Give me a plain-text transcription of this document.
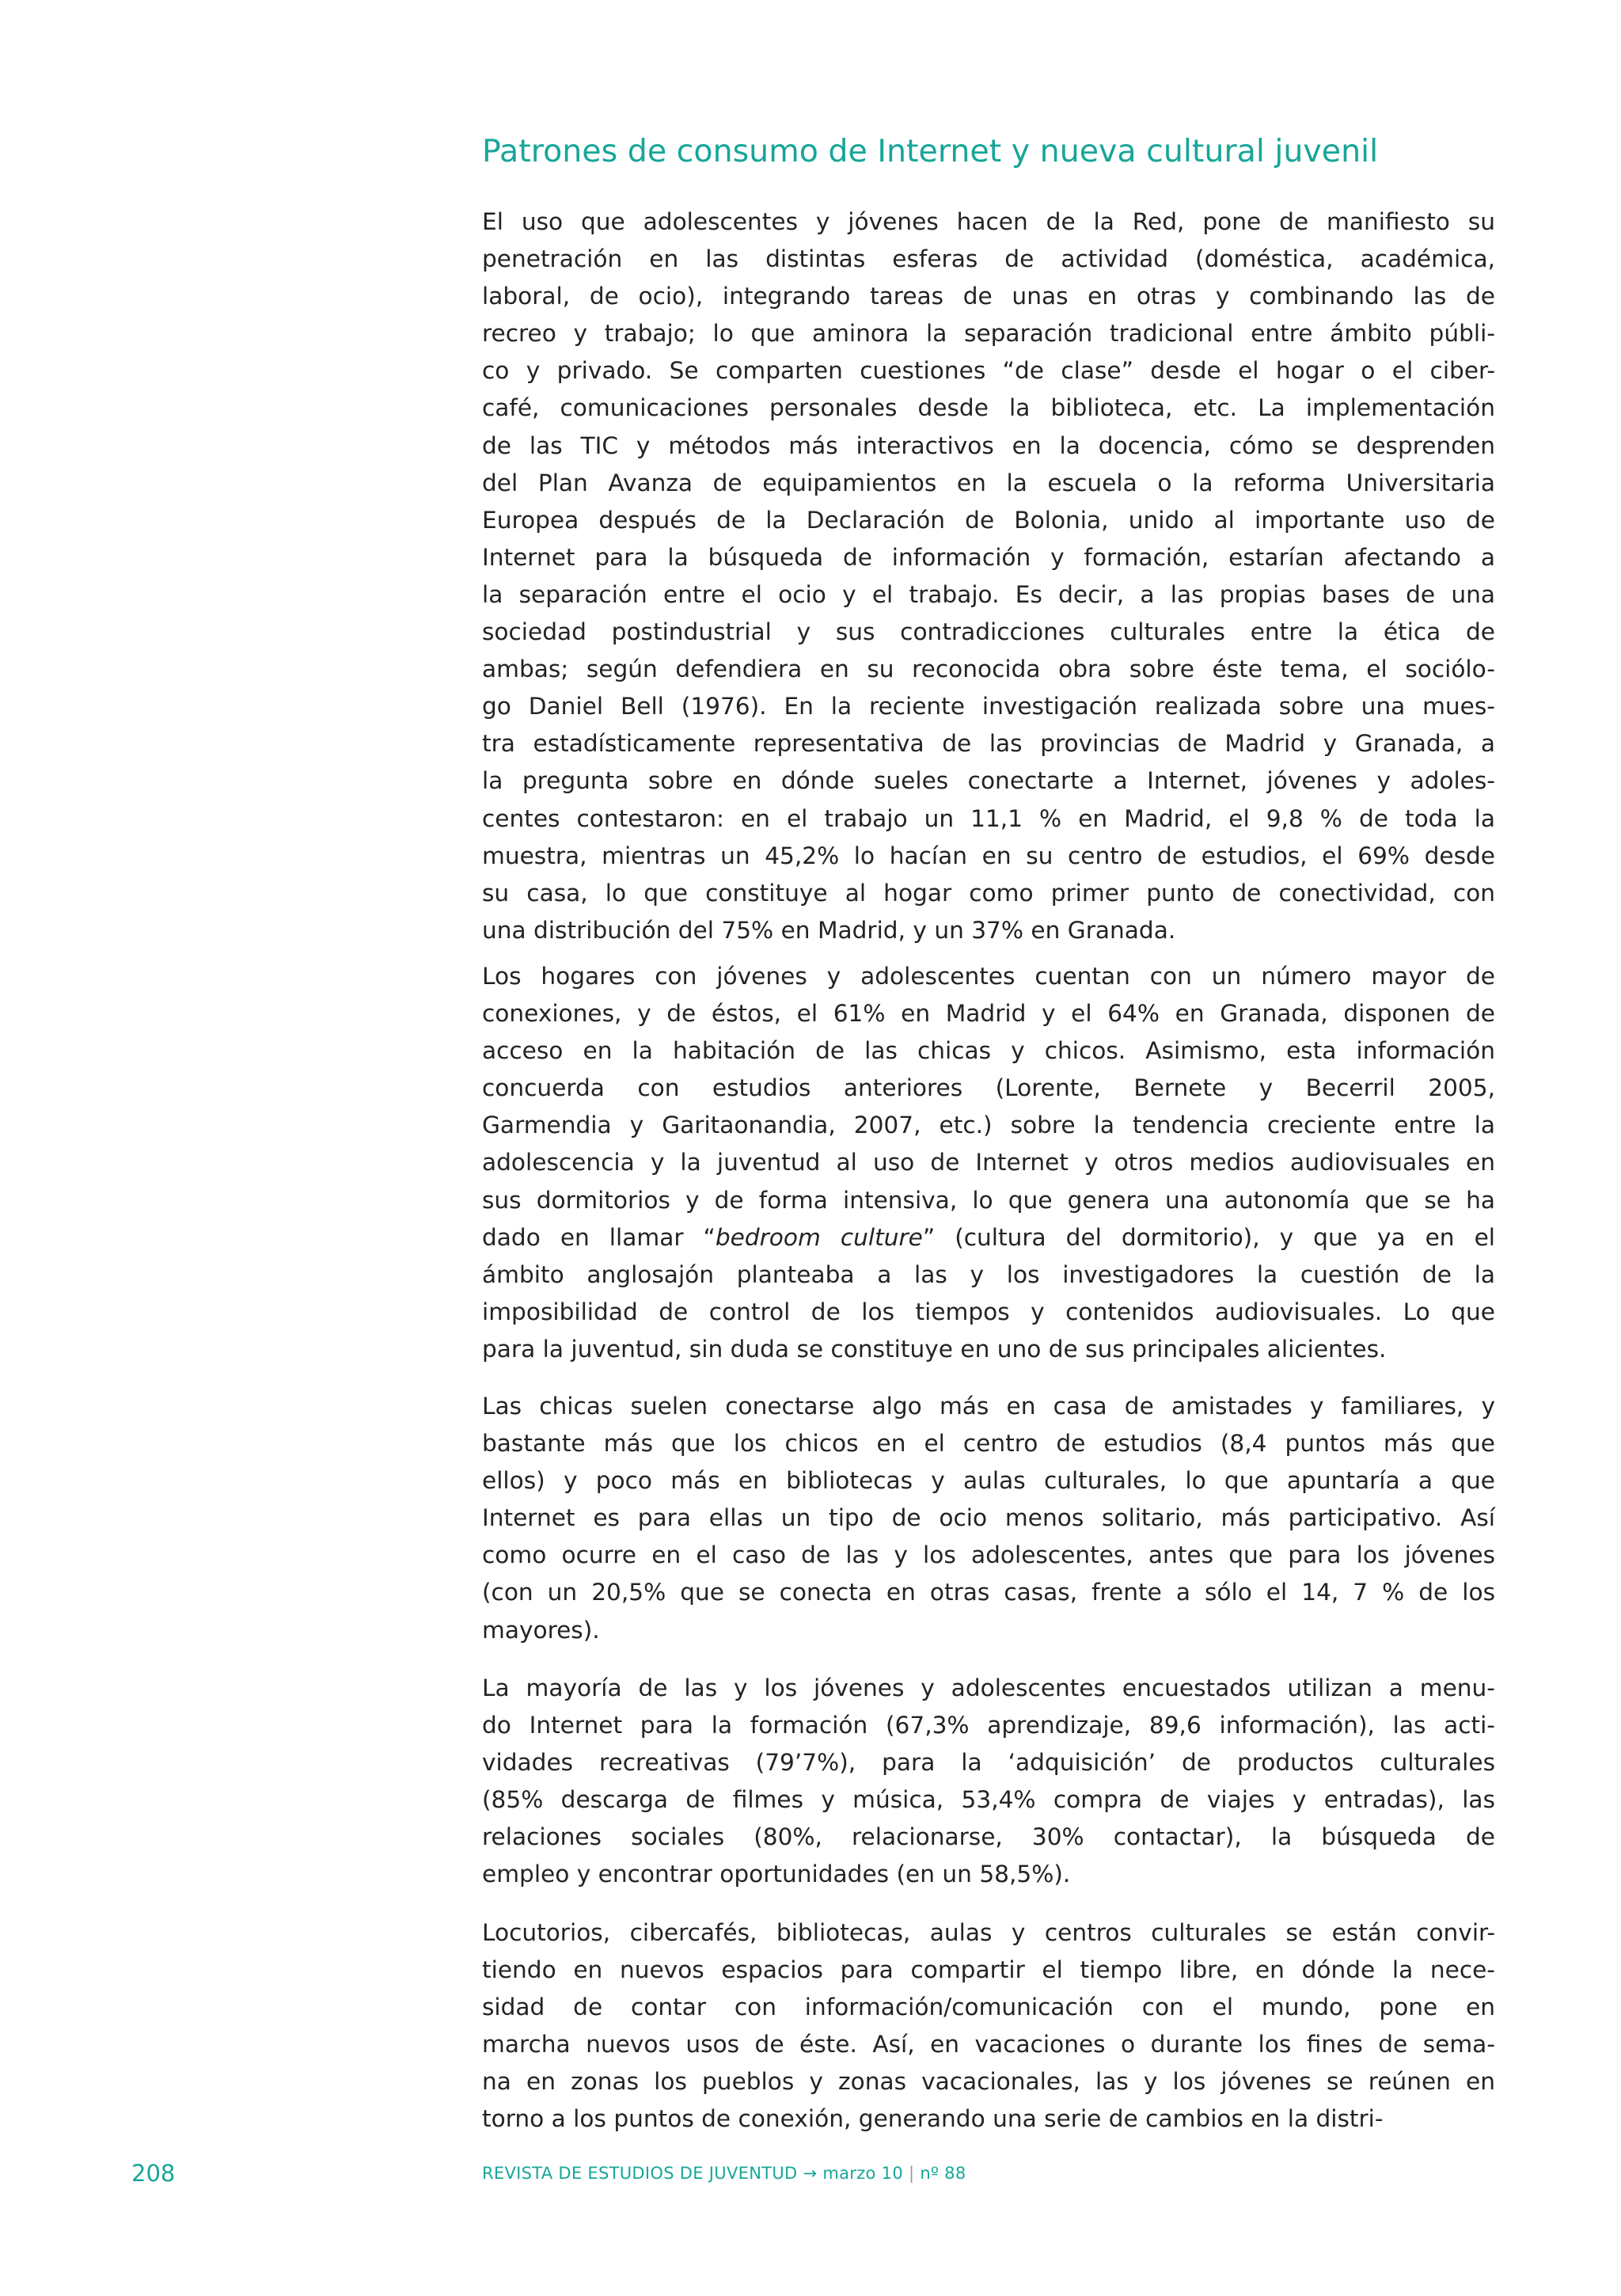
Patrones de consumo de Internet y nueva cultural juvenil
El uso que adolescentes y jóvenes hacen de la Red, pone de manifiesto su
penetración en las distintas esferas de actividad (doméstica, académica,
laboral, de ocio), integrando tareas de unas en otras y combinando las de
recreo y trabajo; lo que aminora la separación tradicional entre ámbito públi-
co y privado. Se comparten cuestiones “de clase” desde el hogar o el ciber-
café, comunicaciones personales desde la biblioteca, etc. La implementación
de las TIC y métodos más interactivos en la docencia, cómo se desprenden
del Plan Avanza de equipamientos en la escuela o la reforma Universitaria
Europea después de la Declaración de Bolonia, unido al importante uso de
Internet para la búsqueda de información y formación, estarían afectando a
la separación entre el ocio y el trabajo. Es decir, a las propias bases de una
sociedad postindustrial y sus contradicciones culturales entre la ética de
ambas; según defendiera en su reconocida obra sobre éste tema, el sociólo-
go Daniel Bell (1976). En la reciente investigación realizada sobre una mues-
tra estadísticamente representativa de las provincias de Madrid y Granada, a
la pregunta sobre en dónde sueles conectarte a Internet, jóvenes y adoles-
centes contestaron: en el trabajo un 11,1 % en Madrid, el 9,8 % de toda la
muestra, mientras un 45,2% lo hacían en su centro de estudios, el 69% desde
su casa, lo que constituye al hogar como primer punto de conectividad, con
una distribución del 75% en Madrid, y un 37% en Granada.
Los hogares con jóvenes y adolescentes cuentan con un número mayor de
conexiones, y de éstos, el 61% en Madrid y el 64% en Granada, disponen de
acceso en la habitación de las chicas y chicos. Asimismo, esta información
concuerda con estudios anteriores (Lorente, Bernete y Becerril 2005,
Garmendia y Garitaonandia, 2007, etc.) sobre la tendencia creciente entre la
adolescencia y la juventud al uso de Internet y otros medios audiovisuales en
sus dormitorios y de forma intensiva, lo que genera una autonomía que se ha
dado en llamar “bedroom culture” (cultura del dormitorio), y que ya en el
ámbito anglosajón planteaba a las y los investigadores la cuestión de la
imposibilidad de control de los tiempos y contenidos audiovisuales. Lo que
para la juventud, sin duda se constituye en uno de sus principales alicientes.
Las chicas suelen conectarse algo más en casa de amistades y familiares, y
bastante más que los chicos en el centro de estudios (8,4 puntos más que
ellos) y poco más en bibliotecas y aulas culturales, lo que apuntaría a que
Internet es para ellas un tipo de ocio menos solitario, más participativo. Así
como ocurre en el caso de las y los adolescentes, antes que para los jóvenes
(con un 20,5% que se conecta en otras casas, frente a sólo el 14, 7 % de los
mayores).
La mayoría de las y los jóvenes y adolescentes encuestados utilizan a menu-
do Internet para la formación (67,3% aprendizaje, 89,6 información), las acti-
vidades recreativas (79’7%), para la ‘adquisición’ de productos culturales
(85% descarga de filmes y música, 53,4% compra de viajes y entradas), las
relaciones sociales (80%, relacionarse, 30% contactar), la búsqueda de
empleo y encontrar oportunidades (en un 58,5%).
Locutorios, cibercafés, bibliotecas, aulas y centros culturales se están convir-
tiendo en nuevos espacios para compartir el tiempo libre, en dónde la nece-
sidad de contar con información/comunicación con el mundo, pone en
marcha nuevos usos de éste. Así, en vacaciones o durante los fines de sema-
na en zonas los pueblos y zonas vacacionales, las y los jóvenes se reúnen en
torno a los puntos de conexión, generando una serie de cambios en la distri-
208	REVISTA DE ESTUDIOS DE JUVENTUD → marzo 10 | nº 88
